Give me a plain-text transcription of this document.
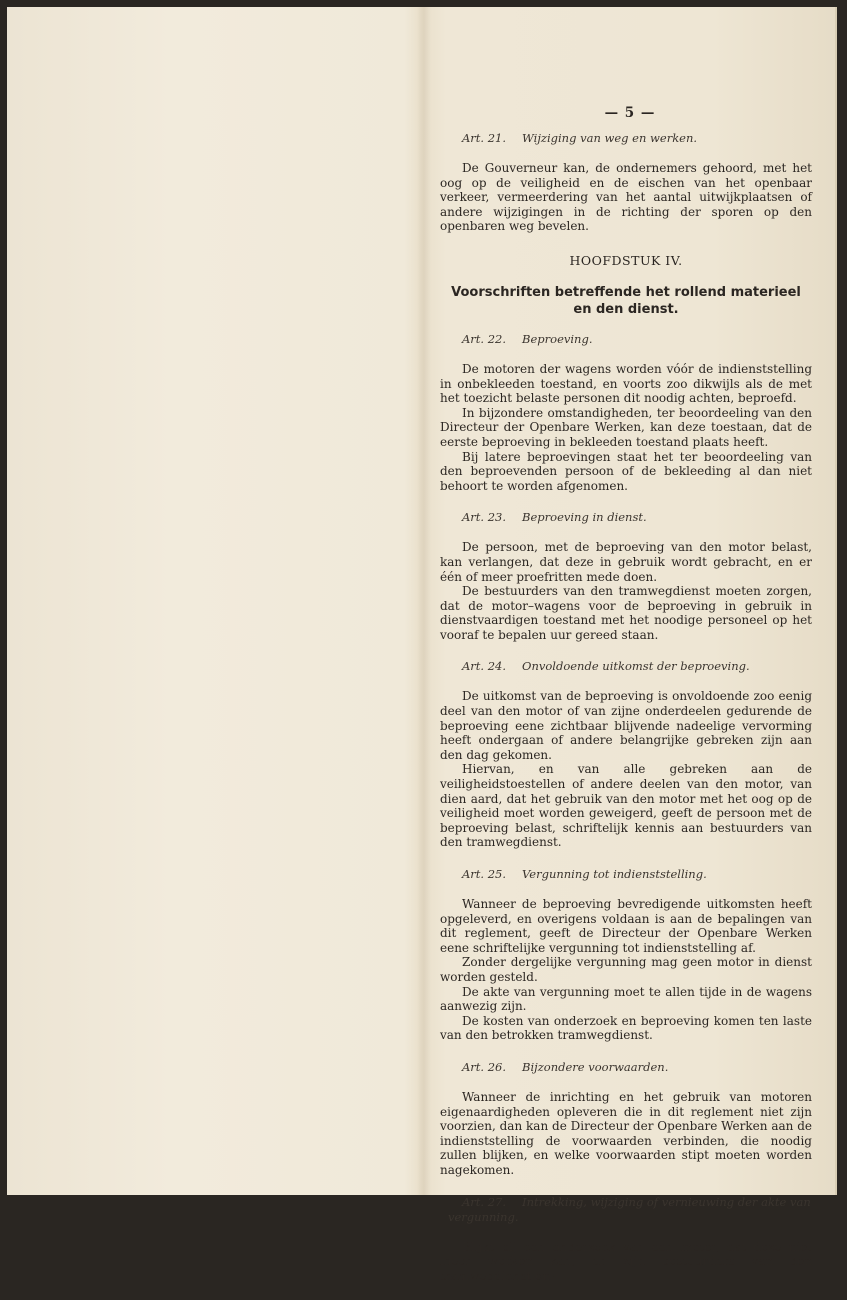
— 5 —
Art. 21. Wijziging van weg en werken.

De Gouverneur kan, de ondernemers gehoord, met het oog op de veiligheid en de eischen van het openbaar verkeer, vermeerdering van het aantal uitwijkplaatsen of andere wijzigingen in de richting der sporen op den openbaren weg bevelen.

HOOFDSTUK IV.
Voorschriften betreffende het rollend materieel en den dienst.
Art. 22. Beproeving.

De motoren der wagens worden vóór de indienststelling in onbekleeden toestand, en voorts zoo dikwijls als de met het toezicht belaste personen dit noodig achten, beproefd.

In bijzondere omstandigheden, ter beoordeeling van den Directeur der Openbare Werken, kan deze toestaan, dat de eerste beproeving in bekleeden toestand plaats heeft.

Bij latere beproevingen staat het ter beoordeeling van den beproevenden persoon of de bekleeding al dan niet behoort te worden afgenomen.

Art. 23. Beproeving in dienst.

De persoon, met de beproeving van den motor belast, kan verlangen, dat deze in gebruik wordt gebracht, en er één of meer proefritten mede doen.

De bestuurders van den tramwegdienst moeten zorgen, dat de motor–wagens voor de beproeving in gebruik in dienstvaardigen toestand met het noodige personeel op het vooraf te bepalen uur gereed staan.

Art. 24. Onvoldoende uitkomst der beproeving.

De uitkomst van de beproeving is onvoldoende zoo eenig deel van den motor of van zijne onderdeelen gedurende de beproeving eene zichtbaar blijvende nadeelige vervorming heeft ondergaan of andere belangrijke gebreken zijn aan den dag gekomen.

Hiervan, en van alle gebreken aan de veiligheidstoestellen of andere deelen van den motor, van dien aard, dat het gebruik van den motor met het oog op de veiligheid moet worden geweigerd, geeft de persoon met de beproeving belast, schriftelijk kennis aan bestuurders van den tramwegdienst.

Art. 25. Vergunning tot indienststelling.

Wanneer de beproeving bevredigende uitkomsten heeft opgeleverd, en overigens voldaan is aan de bepalingen van dit reglement, geeft de Directeur der Openbare Werken eene schriftelijke vergunning tot indienststelling af.

Zonder dergelijke vergunning mag geen motor in dienst worden gesteld.

De akte van vergunning moet te allen tijde in de wagens aanwezig zijn.

De kosten van onderzoek en beproeving komen ten laste van den betrokken tramwegdienst.

Art. 26. Bijzondere voorwaarden.

Wanneer de inrichting en het gebruik van motoren eigenaardigheden opleveren die in dit reglement niet zijn voorzien, dan kan de Directeur der Openbare Werken aan de indienststelling de voorwaarden verbinden, die noodig zullen blijken, en welke voorwaarden stipt moeten worden nagekomen.

Art. 27. Intrekking, wijziging of vernieuwing der akte van vergunning.

Blijkt bij een onderzoek van een motor, dat deze niet meer werken kan, en zijn bestuurders van den tramwegdienst on-
